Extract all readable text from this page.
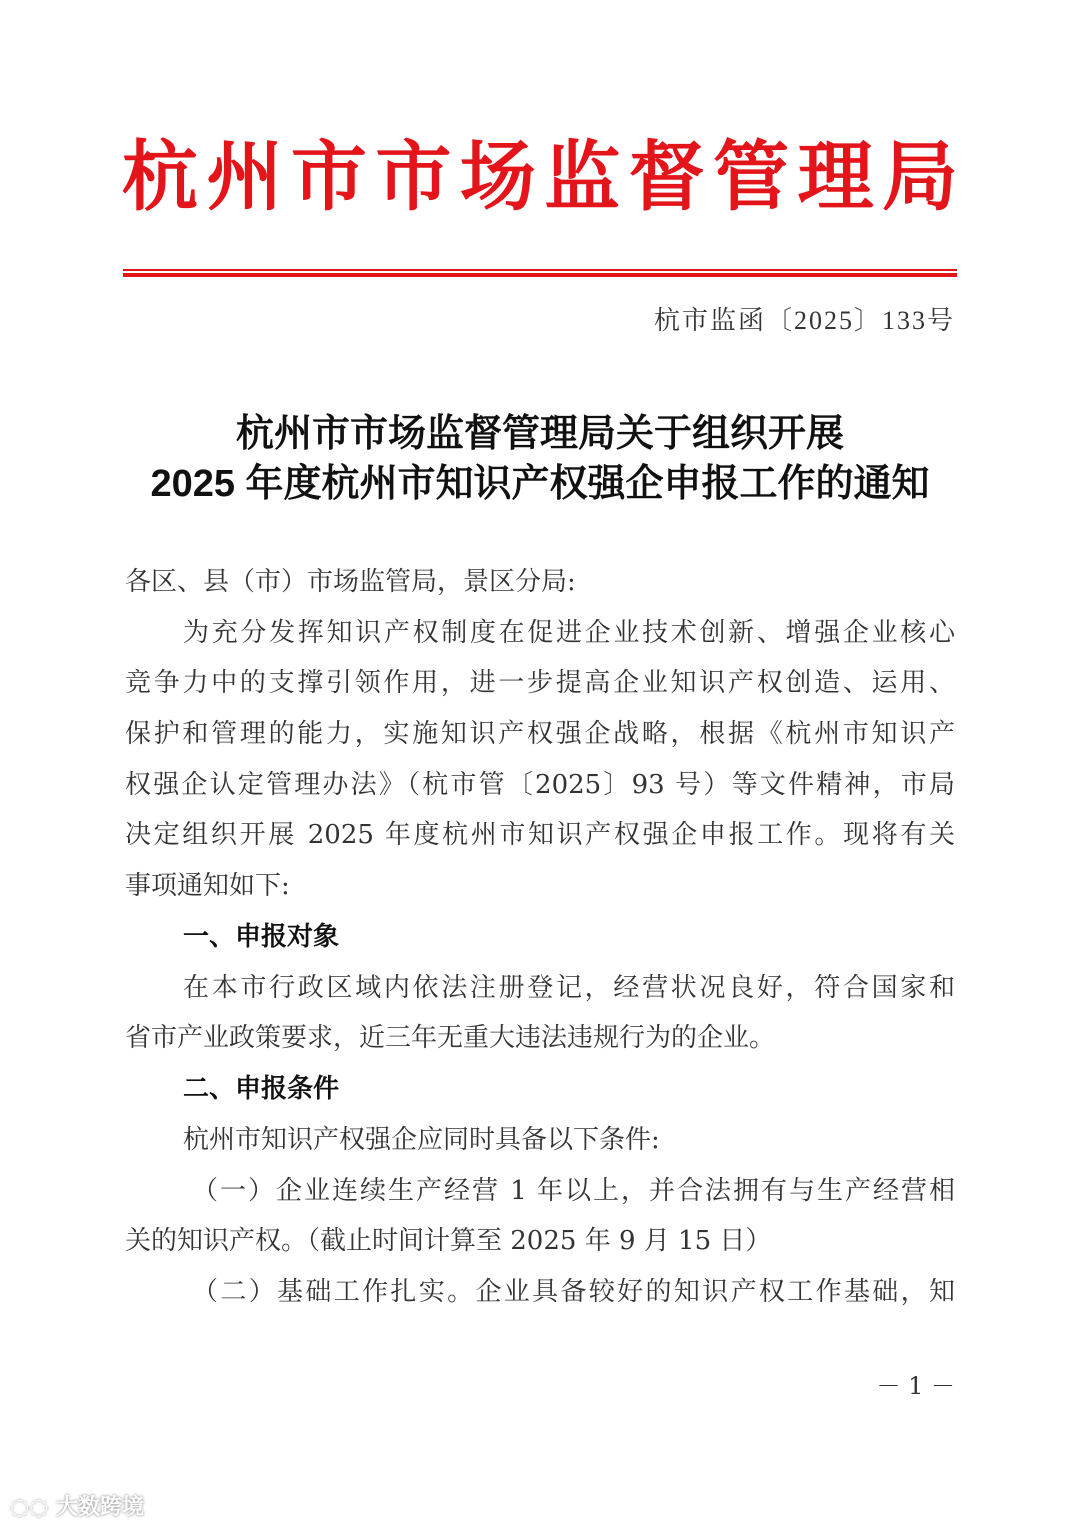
杭州市市场监督管理局
杭市监函〔2025〕133号
杭州市市场监督管理局关于组织开展
2025 年度杭州市知识产权强企申报工作的通知
各区、县（市）市场监管局，景区分局:
为充分发挥知识产权制度在促进企业技术创新、增强企业核心
竞争力中的支撑引领作用，进一步提高企业知识产权创造、运用、
保护和管理的能力，实施知识产权强企战略，根据《杭州市知识产
权强企认定管理办法》（杭市管〔2025〕93 号）等文件精神，市局
决定组织开展 2025 年度杭州市知识产权强企申报工作。现将有关
事项通知如下:
一、申报对象
在本市行政区域内依法注册登记，经营状况良好，符合国家和
省市产业政策要求，近三年无重大违法违规行为的企业。
二、申报条件
杭州市知识产权强企应同时具备以下条件:
（一）企业连续生产经营 1 年以上，并合法拥有与生产经营相
关的知识产权。（截止时间计算至 2025 年 9 月 15 日）
（二）基础工作扎实。企业具备较好的知识产权工作基础，知
－ 1 －
◌◌ 大数跨境
